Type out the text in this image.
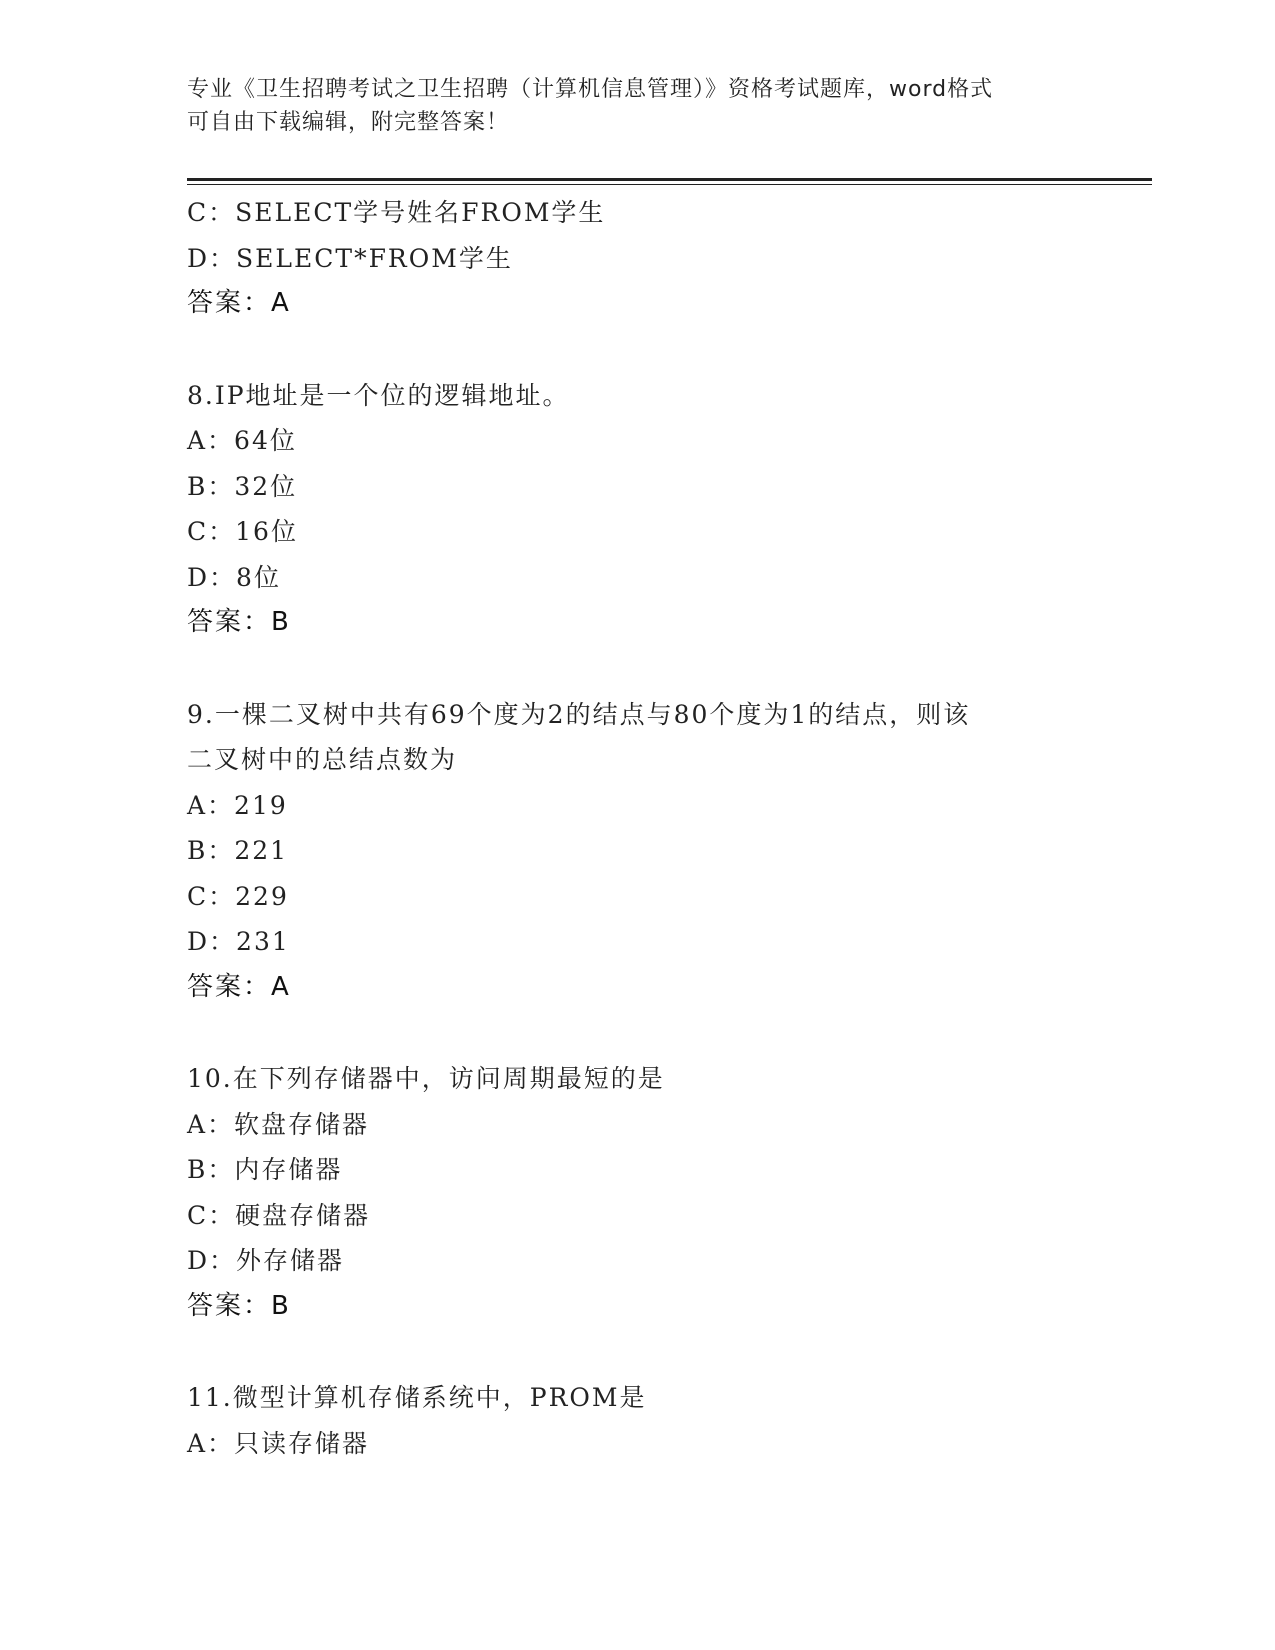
专业《卫生招聘考试之卫生招聘（计算机信息管理）》资格考试题库，word格式
可自由下载编辑，附完整答案！
C：SELECT学号姓名FROM学生
D：SELECT*FROM学生
答案：A
8.IP地址是一个位的逻辑地址。
A：64位
B：32位
C：16位
D：8位
答案：B
9.一棵二叉树中共有69个度为2的结点与80个度为1的结点，则该
二叉树中的总结点数为
A：219
B：221
C：229
D：231
答案：A
10.在下列存储器中，访问周期最短的是
A：软盘存储器
B：内存储器
C：硬盘存储器
D：外存储器
答案：B
11.微型计算机存储系统中，PROM是
A：只读存储器
